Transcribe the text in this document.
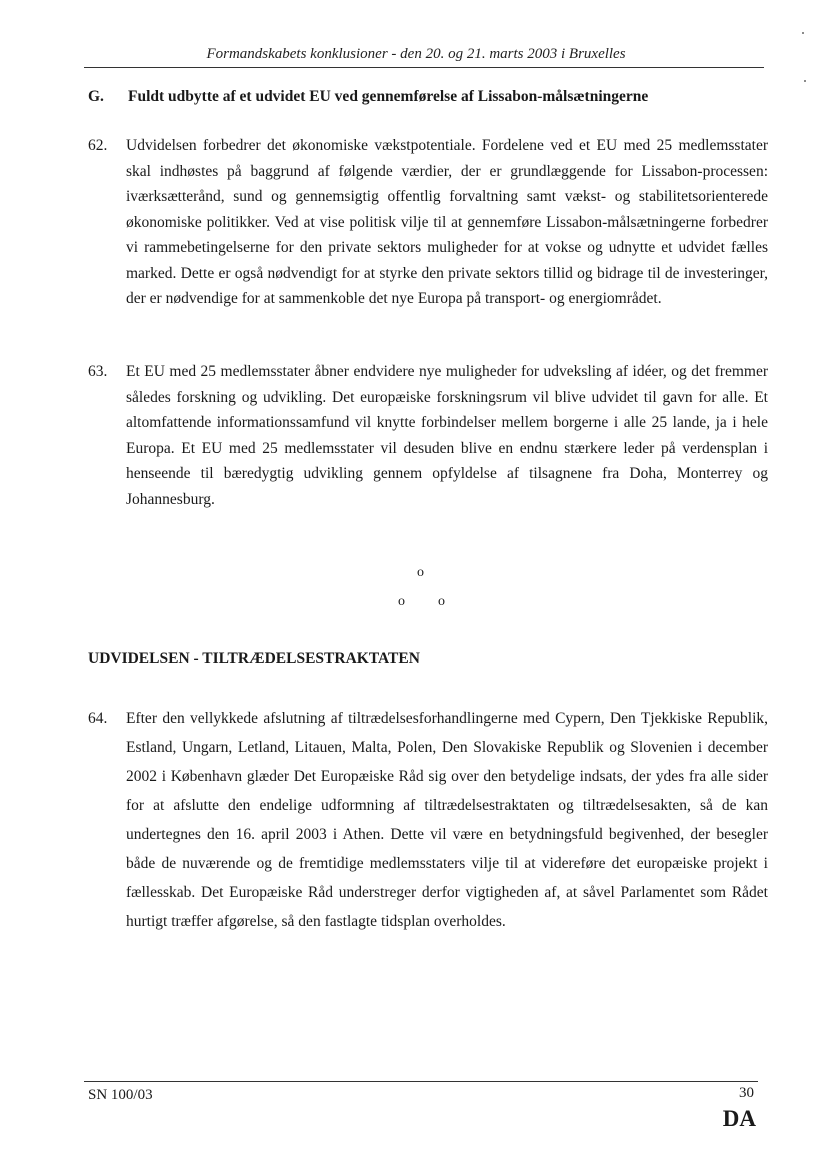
Formandskabets konklusioner - den 20. og 21. marts 2003 i Bruxelles
G. Fuldt udbytte af et udvidet EU ved gennemførelse af Lissabon-målsætningerne
62. Udvidelsen forbedrer det økonomiske vækstpotentiale. Fordelene ved et EU med 25 medlemsstater skal indhøstes på baggrund af følgende værdier, der er grundlæggende for Lissabon-processen: iværksætterånd, sund og gennemsigtig offentlig forvaltning samt vækst- og stabilitetsorienterede økonomiske politikker. Ved at vise politisk vilje til at gennemføre Lissabon-målsætningerne forbedrer vi rammebetingelserne for den private sektors muligheder for at vokse og udnytte et udvidet fælles marked. Dette er også nødvendigt for at styrke den private sektors tillid og bidrage til de investeringer, der er nødvendige for at sammenkoble det nye Europa på transport- og energiområdet.
63. Et EU med 25 medlemsstater åbner endvidere nye muligheder for udveksling af idéer, og det fremmer således forskning og udvikling. Det europæiske forskningsrum vil blive udvidet til gavn for alle. Et altomfattende informationssamfund vil knytte forbindelser mellem borgerne i alle 25 lande, ja i hele Europa. Et EU med 25 medlemsstater vil desuden blive en endnu stærkere leder på verdensplan i henseende til bæredygtig udvikling gennem opfyldelse af tilsagnene fra Doha, Monterrey og Johannesburg.
o
o o
UDVIDELSEN - TILTRÆDELSESTRAKTATEN
64. Efter den vellykkede afslutning af tiltrædelsesforhandlingerne med Cypern, Den Tjekkiske Republik, Estland, Ungarn, Letland, Litauen, Malta, Polen, Den Slovakiske Republik og Slovenien i december 2002 i København glæder Det Europæiske Råd sig over den betydelige indsats, der ydes fra alle sider for at afslutte den endelige udformning af tiltrædelsestraktaten og tiltrædelsesakten, så de kan undertegnes den 16. april 2003 i Athen. Dette vil være en betydningsfuld begivenhed, der besegler både de nuværende og de fremtidige medlemsstaters vilje til at videreføre det europæiske projekt i fællesskab. Det Europæiske Råd understreger derfor vigtigheden af, at såvel Parlamentet som Rådet hurtigt træffer afgørelse, så den fastlagte tidsplan overholdes.
SN 100/03	30
DA
